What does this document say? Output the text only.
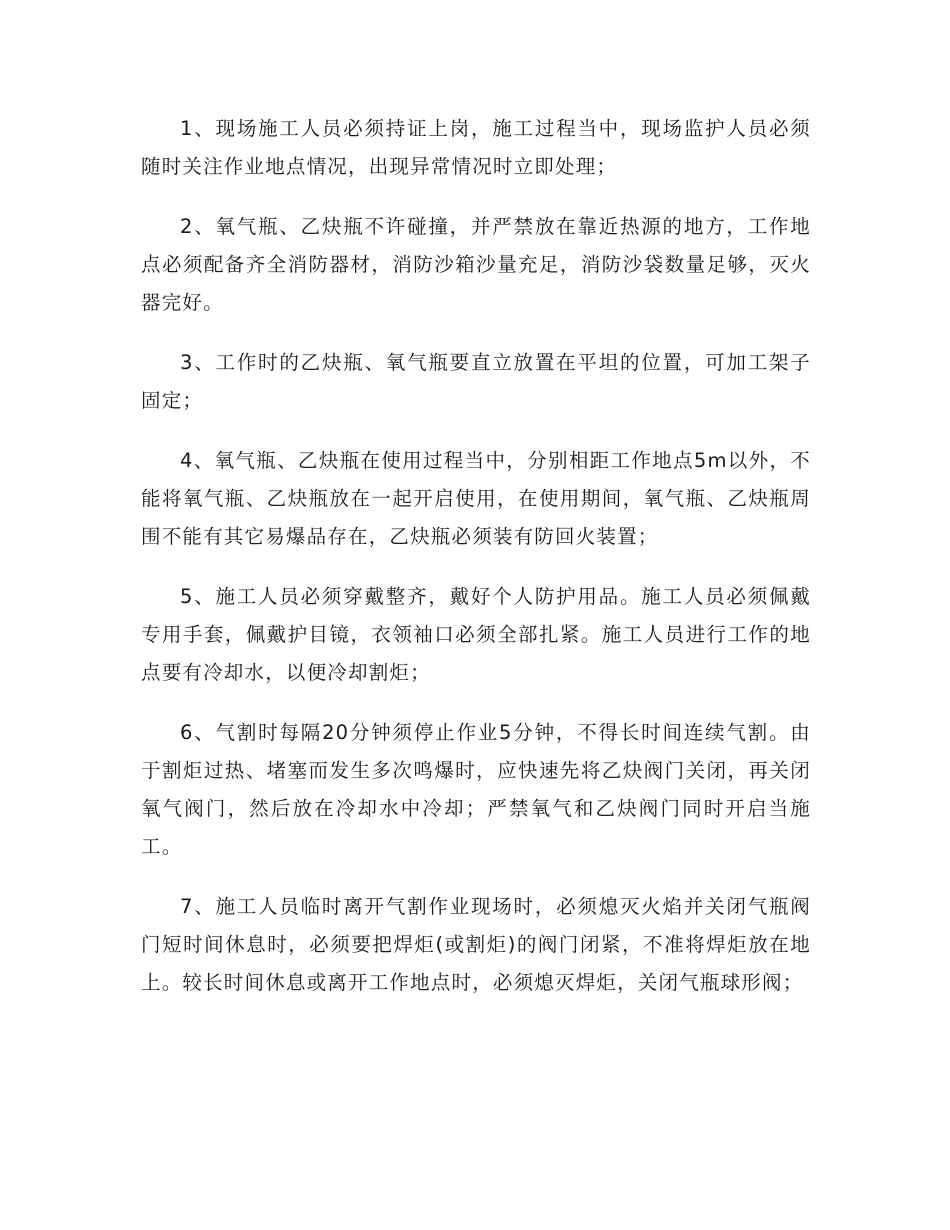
1、现场施工人员必须持证上岗，施工过程当中，现场监护人员必须随时关注作业地点情况，出现异常情况时立即处理；

2、氧气瓶、乙炔瓶不许碰撞，并严禁放在靠近热源的地方，工作地点必须配备齐全消防器材，消防沙箱沙量充足，消防沙袋数量足够，灭火器完好。

3、工作时的乙炔瓶、氧气瓶要直立放置在平坦的位置，可加工架子固定；

4、氧气瓶、乙炔瓶在使用过程当中，分别相距工作地点5m以外，不能将氧气瓶、乙炔瓶放在一起开启使用，在使用期间，氧气瓶、乙炔瓶周围不能有其它易爆品存在，乙炔瓶必须装有防回火装置；

5、施工人员必须穿戴整齐，戴好个人防护用品。施工人员必须佩戴专用手套，佩戴护目镜，衣领袖口必须全部扎紧。施工人员进行工作的地点要有冷却水，以便冷却割炬；

6、气割时每隔20分钟须停止作业5分钟，不得长时间连续气割。由于割炬过热、堵塞而发生多次鸣爆时，应快速先将乙炔阀门关闭，再关闭氧气阀门，然后放在冷却水中冷却；严禁氧气和乙炔阀门同时开启当施工。

7、施工人员临时离开气割作业现场时，必须熄灭火焰并关闭气瓶阀门短时间休息时，必须要把焊炬(或割炬)的阀门闭紧，不准将焊炬放在地上。较长时间休息或离开工作地点时，必须熄灭焊炬，关闭气瓶球形阀；
